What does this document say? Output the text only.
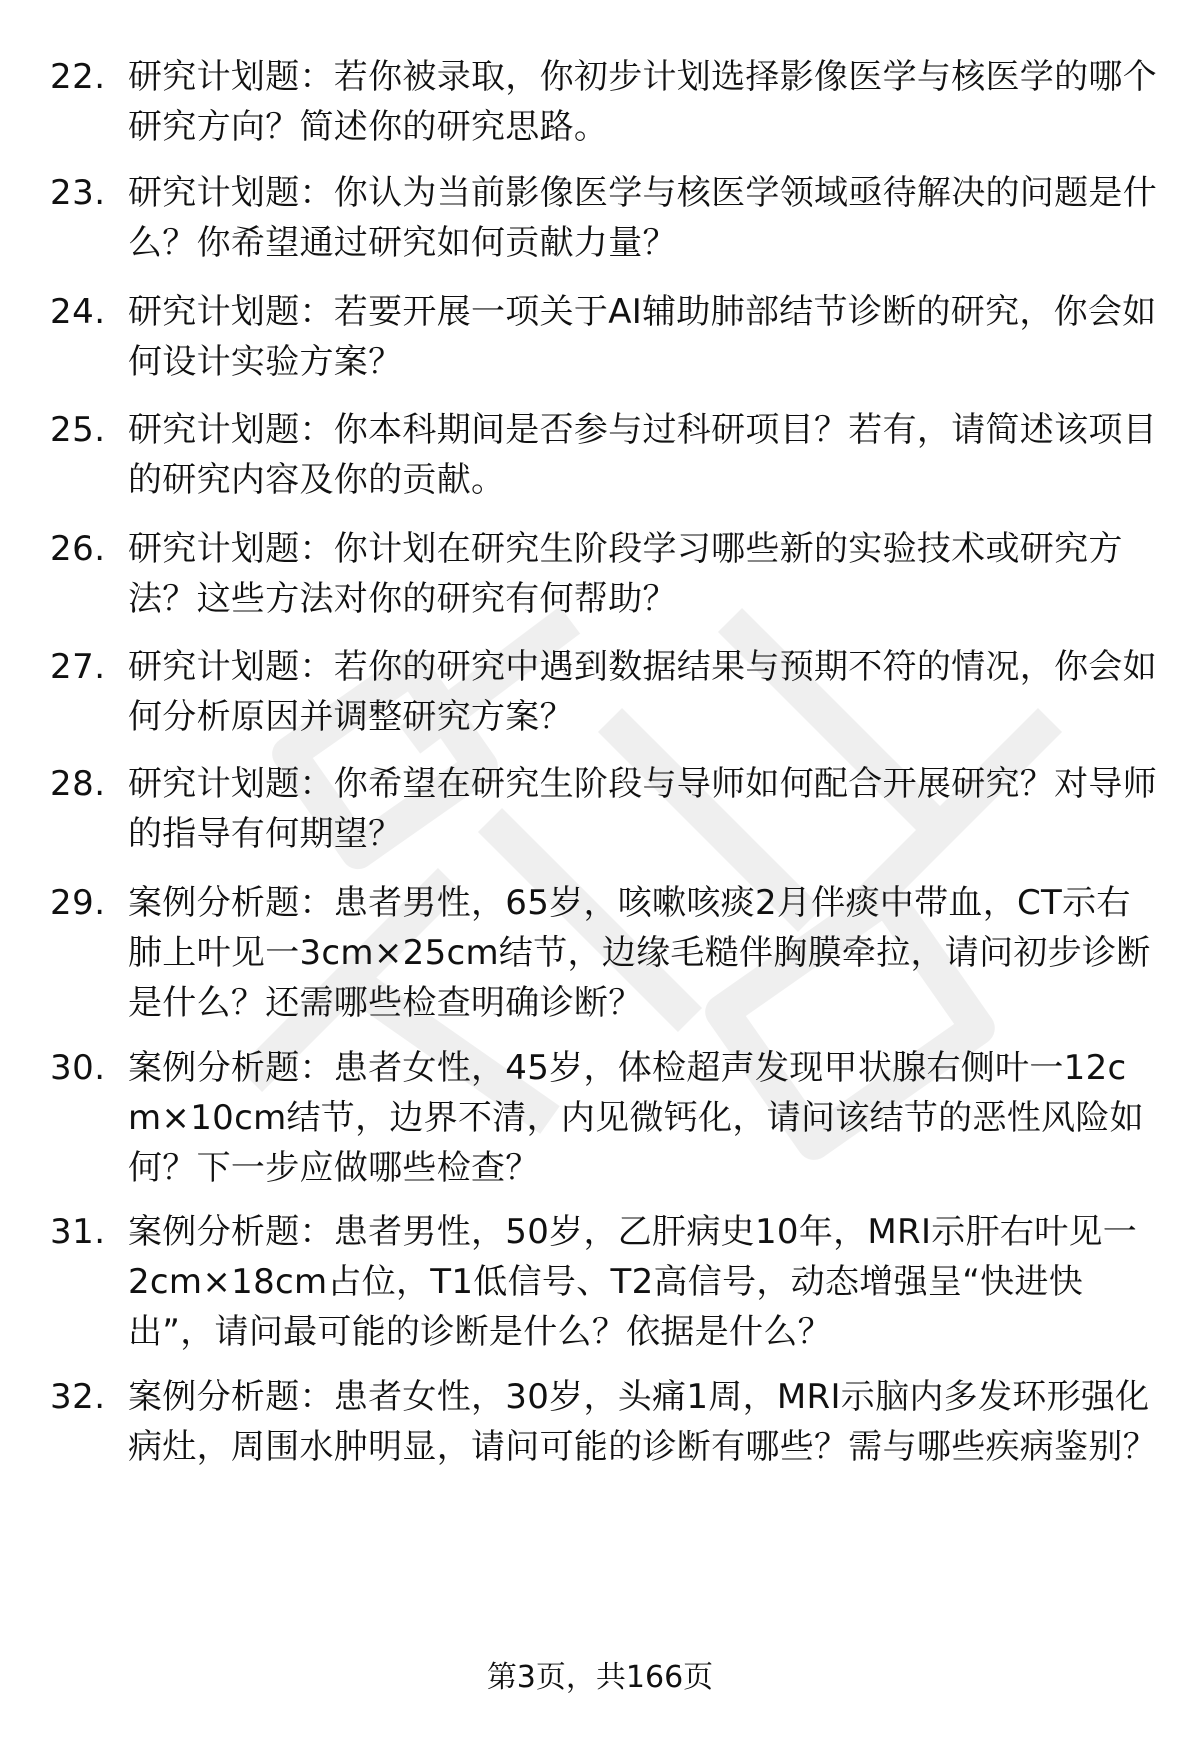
22. 研究计划题：若你被录取，你初步计划选择影像医学与核医学的哪个研究方向？简述你的研究思路。
23. 研究计划题：你认为当前影像医学与核医学领域亟待解决的问题是什么？你希望通过研究如何贡献力量？
24. 研究计划题：若要开展一项关于AI辅助肺部结节诊断的研究，你会如何设计实验方案？
25. 研究计划题：你本科期间是否参与过科研项目？若有，请简述该项目的研究内容及你的贡献。
26. 研究计划题：你计划在研究生阶段学习哪些新的实验技术或研究方法？这些方法对你的研究有何帮助？
27. 研究计划题：若你的研究中遇到数据结果与预期不符的情况，你会如何分析原因并调整研究方案？
28. 研究计划题：你希望在研究生阶段与导师如何配合开展研究？对导师的指导有何期望？
29. 案例分析题：患者男性，65岁，咳嗽咳痰2月伴痰中带血，CT示右肺上叶见一3cm×25cm结节，边缘毛糙伴胸膜牵拉，请问初步诊断是什么？还需哪些检查明确诊断？
30. 案例分析题：患者女性，45岁，体检超声发现甲状腺右侧叶一12cm×10cm结节，边界不清，内见微钙化，请问该结节的恶性风险如何？下一步应做哪些检查？
31. 案例分析题：患者男性，50岁，乙肝病史10年，MRI示肝右叶见一2cm×18cm占位，T1低信号、T2高信号，动态增强呈“快进快出”，请问最可能的诊断是什么？依据是什么？
32. 案例分析题：患者女性，30岁，头痛1周，MRI示脑内多发环形强化病灶，周围水肿明显，请问可能的诊断有哪些？需与哪些疾病鉴别？
第3页，共166页
